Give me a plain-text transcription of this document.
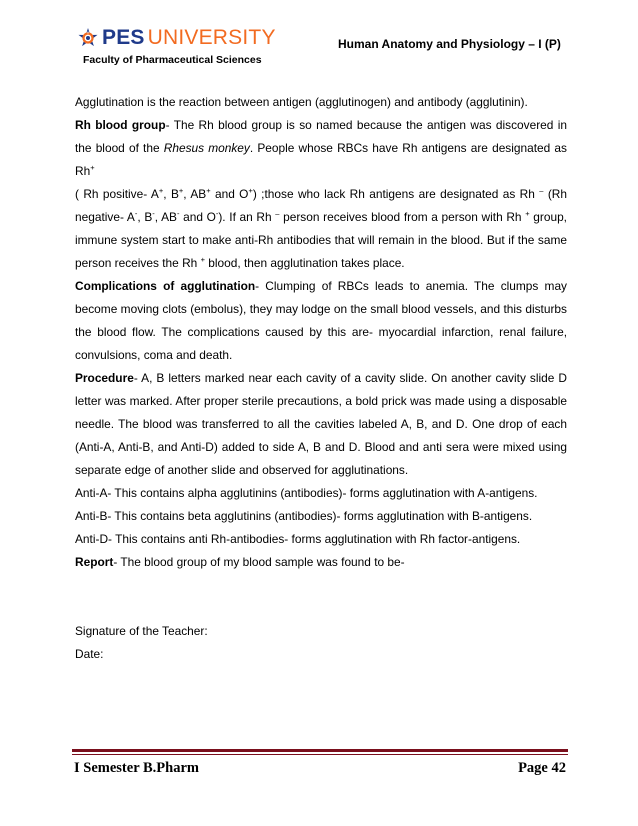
PES UNIVERSITY
Faculty of Pharmaceutical Sciences
Human Anatomy and Physiology – I (P)

Agglutination is the reaction between antigen (agglutinogen) and antibody (agglutinin).

Rh blood group- The Rh blood group is so named because the antigen was discovered in the blood of the Rhesus monkey. People whose RBCs have Rh antigens are designated as Rh+
( Rh positive- A+, B+, AB+ and O+) ;those who lack Rh antigens are designated as Rh – (Rh negative- A-, B-, AB- and O-). If an Rh – person receives blood from a person with Rh + group, immune system start to make anti-Rh antibodies that will remain in the blood. But if the same person receives the Rh + blood, then agglutination takes place.

Complications of agglutination- Clumping of RBCs leads to anemia. The clumps may become moving clots (embolus), they may lodge on the small blood vessels, and this disturbs the blood flow. The complications caused by this are- myocardial infarction, renal failure, convulsions, coma and death.

Procedure- A, B letters marked near each cavity of a cavity slide. On another cavity slide D letter was marked. After proper sterile precautions, a bold prick was made using a disposable needle. The blood was transferred to all the cavities labeled A, B, and D. One drop of each (Anti-A, Anti-B, and Anti-D) added to side A, B and D. Blood and anti sera were mixed using separate edge of another slide and observed for agglutinations.

Anti-A- This contains alpha agglutinins (antibodies)- forms agglutination with A-antigens.

Anti-B- This contains beta agglutinins (antibodies)- forms agglutination with B-antigens.

Anti-D- This contains anti Rh-antibodies- forms agglutination with Rh factor-antigens.

Report- The blood group of my blood sample was found to be-

Signature of the Teacher:

Date:

I Semester B.Pharm	Page 42
